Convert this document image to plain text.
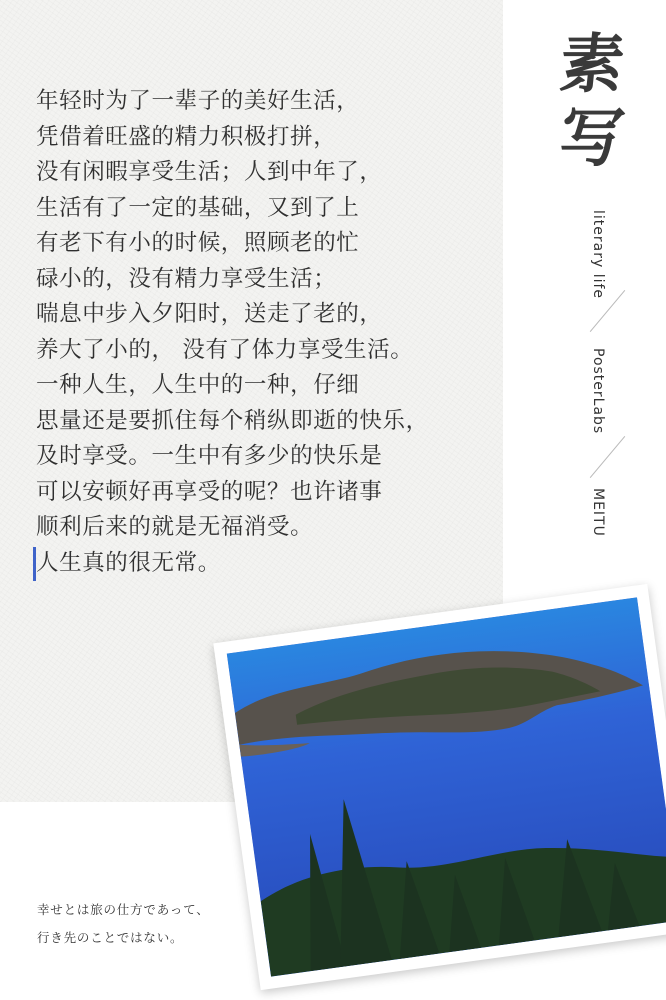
年轻时为了一辈子的美好生活，
凭借着旺盛的精力积极打拼，
没有闲暇享受生活；人到中年了，
生活有了一定的基础，又到了上
有老下有小的时候，照顾老的忙
碌小的，没有精力享受生活；
喘息中步入夕阳时，送走了老的，
养大了小的， 没有了体力享受生活。
一种人生，人生中的一种，仔细
思量还是要抓住每个稍纵即逝的快乐，
及时享受。一生中有多少的快乐是
可以安顿好再享受的呢？也许诸事
顺利后来的就是无福消受。
人生真的很无常。
素
写
literary life
PosterLabs
MEITU
幸せとは旅の仕方であって、
行き先のことではない。
